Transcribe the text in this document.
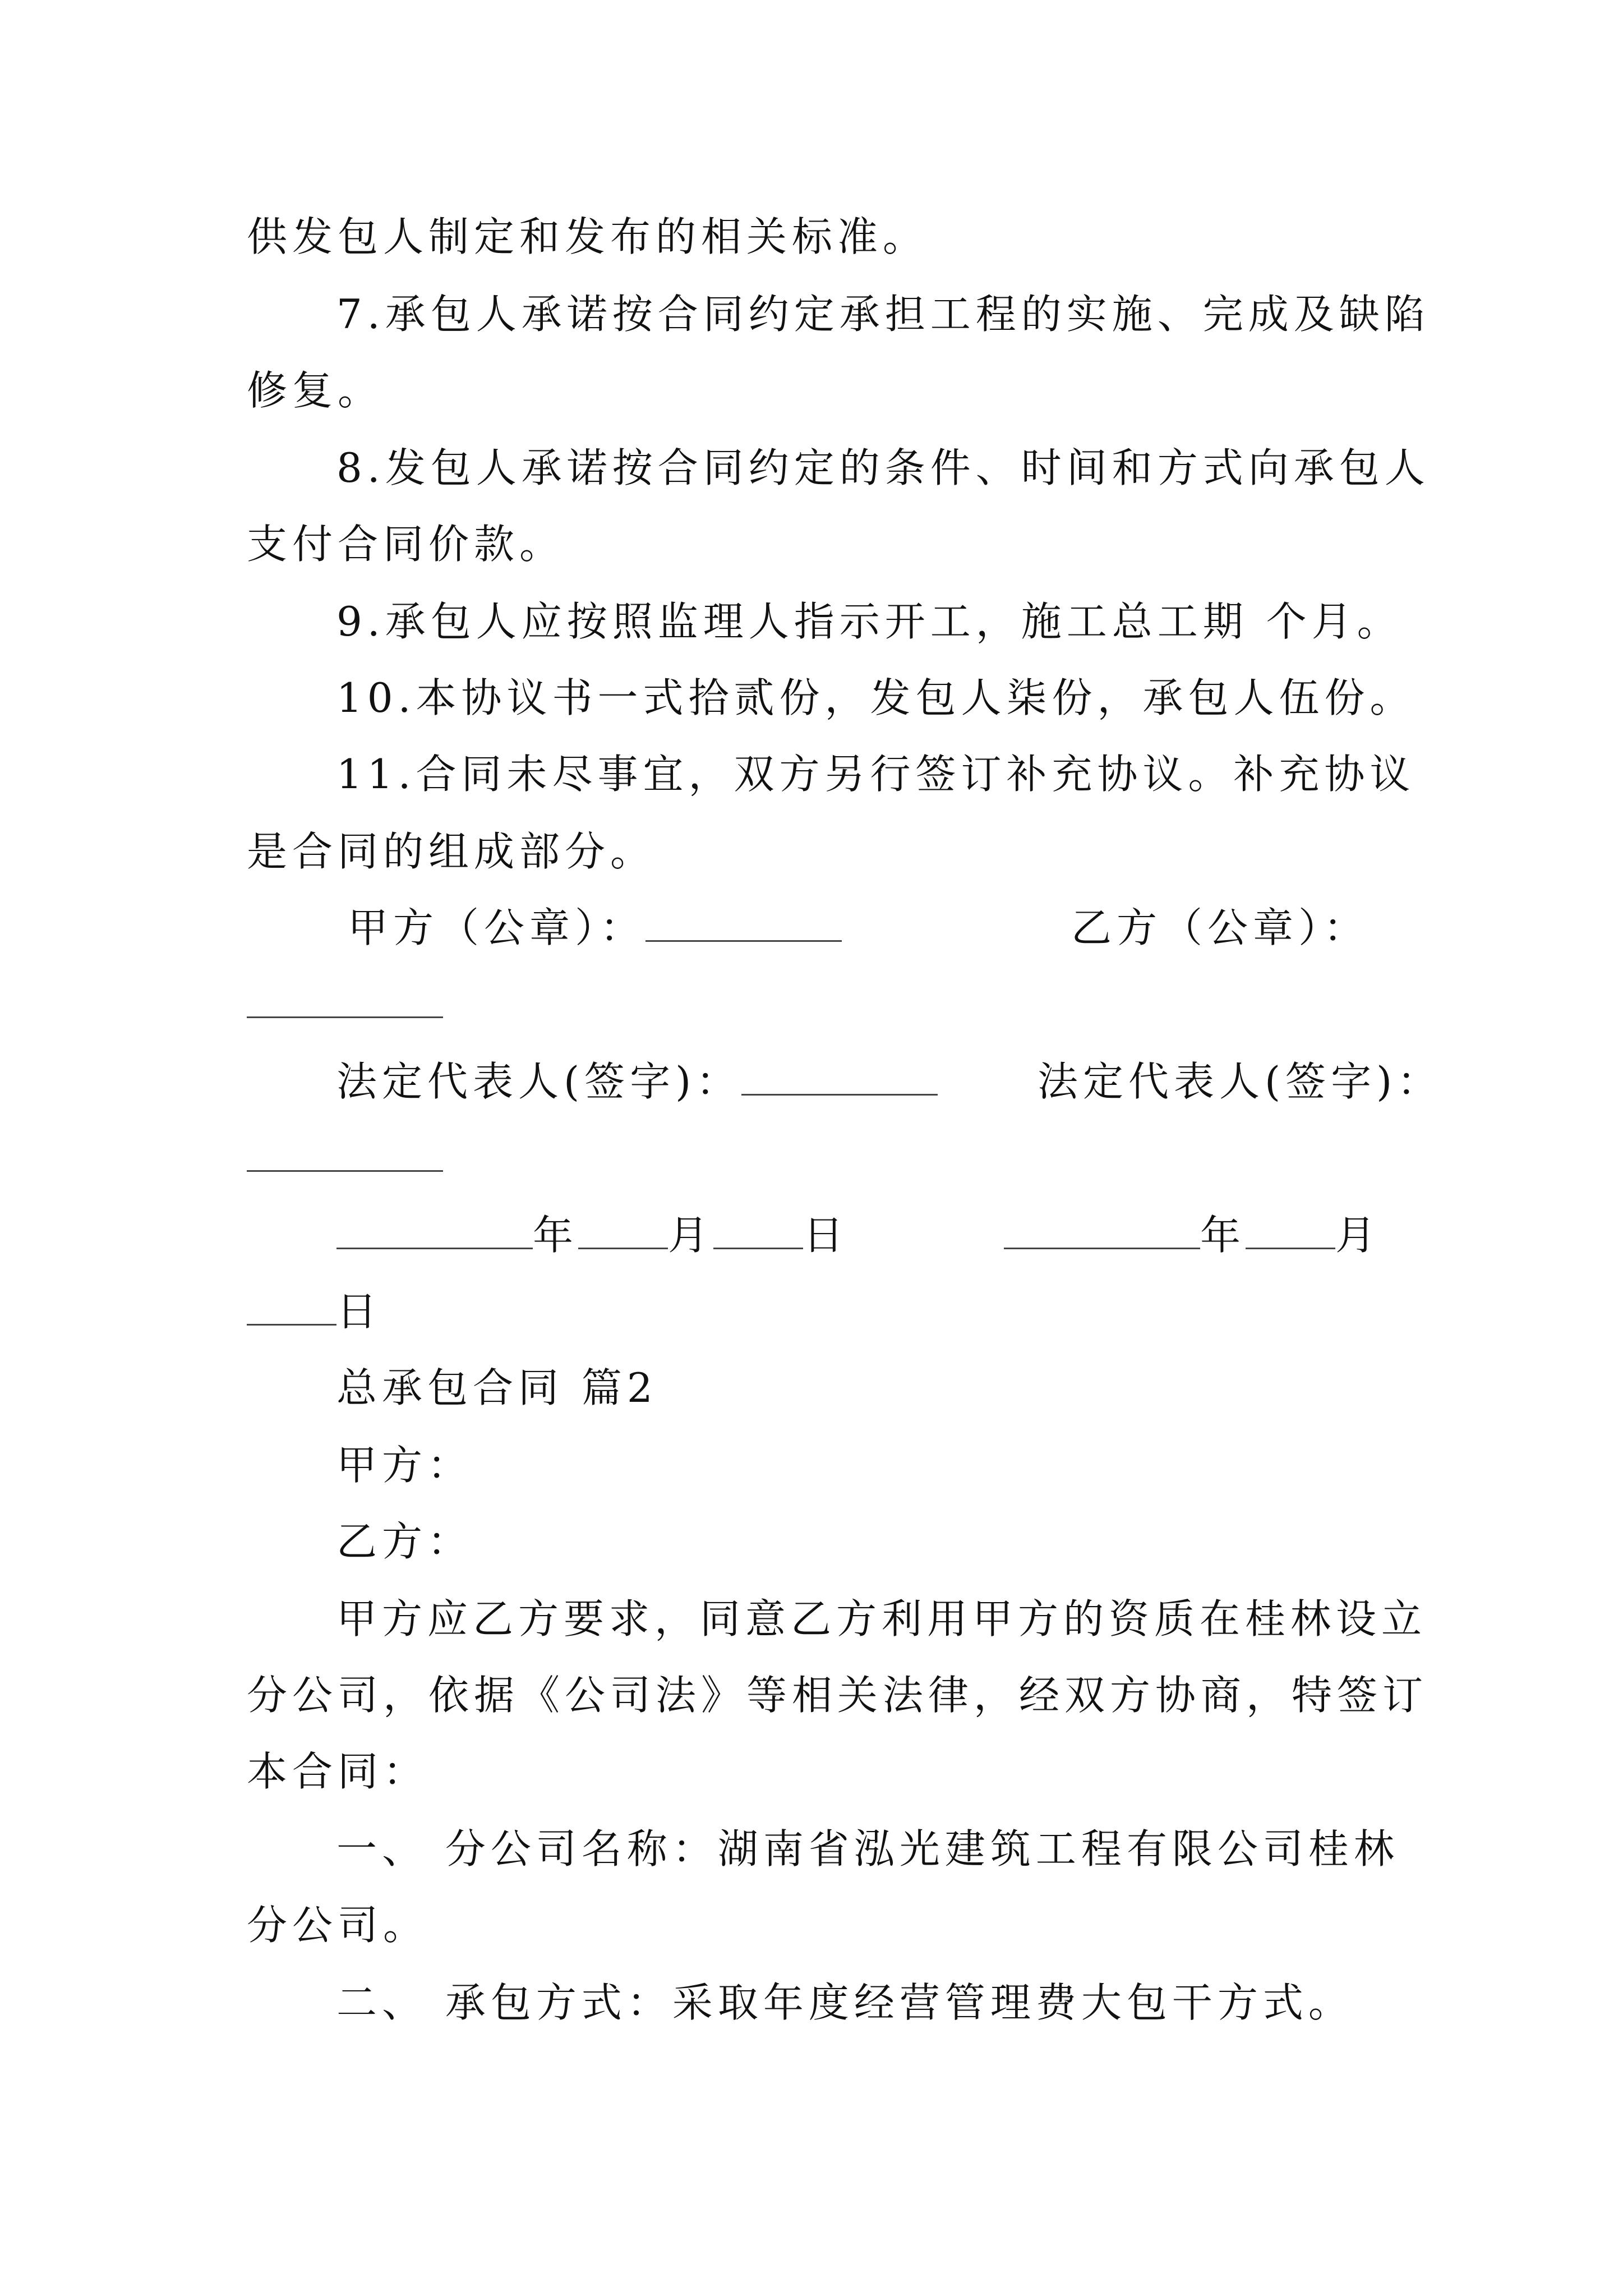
供发包人制定和发布的相关标准。
7.承包人承诺按合同约定承担工程的实施、完成及缺陷
修复。
8.发包人承诺按合同约定的条件、时间和方式向承包人
支付合同价款。
9.承包人应按照监理人指示开工，施工总工期 个月。
10.本协议书一式拾贰份，发包人柒份，承包人伍份。
11.合同未尽事宜，双方另行签订补充协议。补充协议
是合同的组成部分。
甲方（公章）：	乙方（公章）：
法定代表人(签字)：	法定代表人(签字)：
年 月 日	年 月
日
总承包合同 篇2
甲方：
乙方：
甲方应乙方要求，同意乙方利用甲方的资质在桂林设立
分公司，依据《公司法》等相关法律，经双方协商，特签订
本合同：
一、 分公司名称：湖南省泓光建筑工程有限公司桂林
分公司。
二、 承包方式：采取年度经营管理费大包干方式。
